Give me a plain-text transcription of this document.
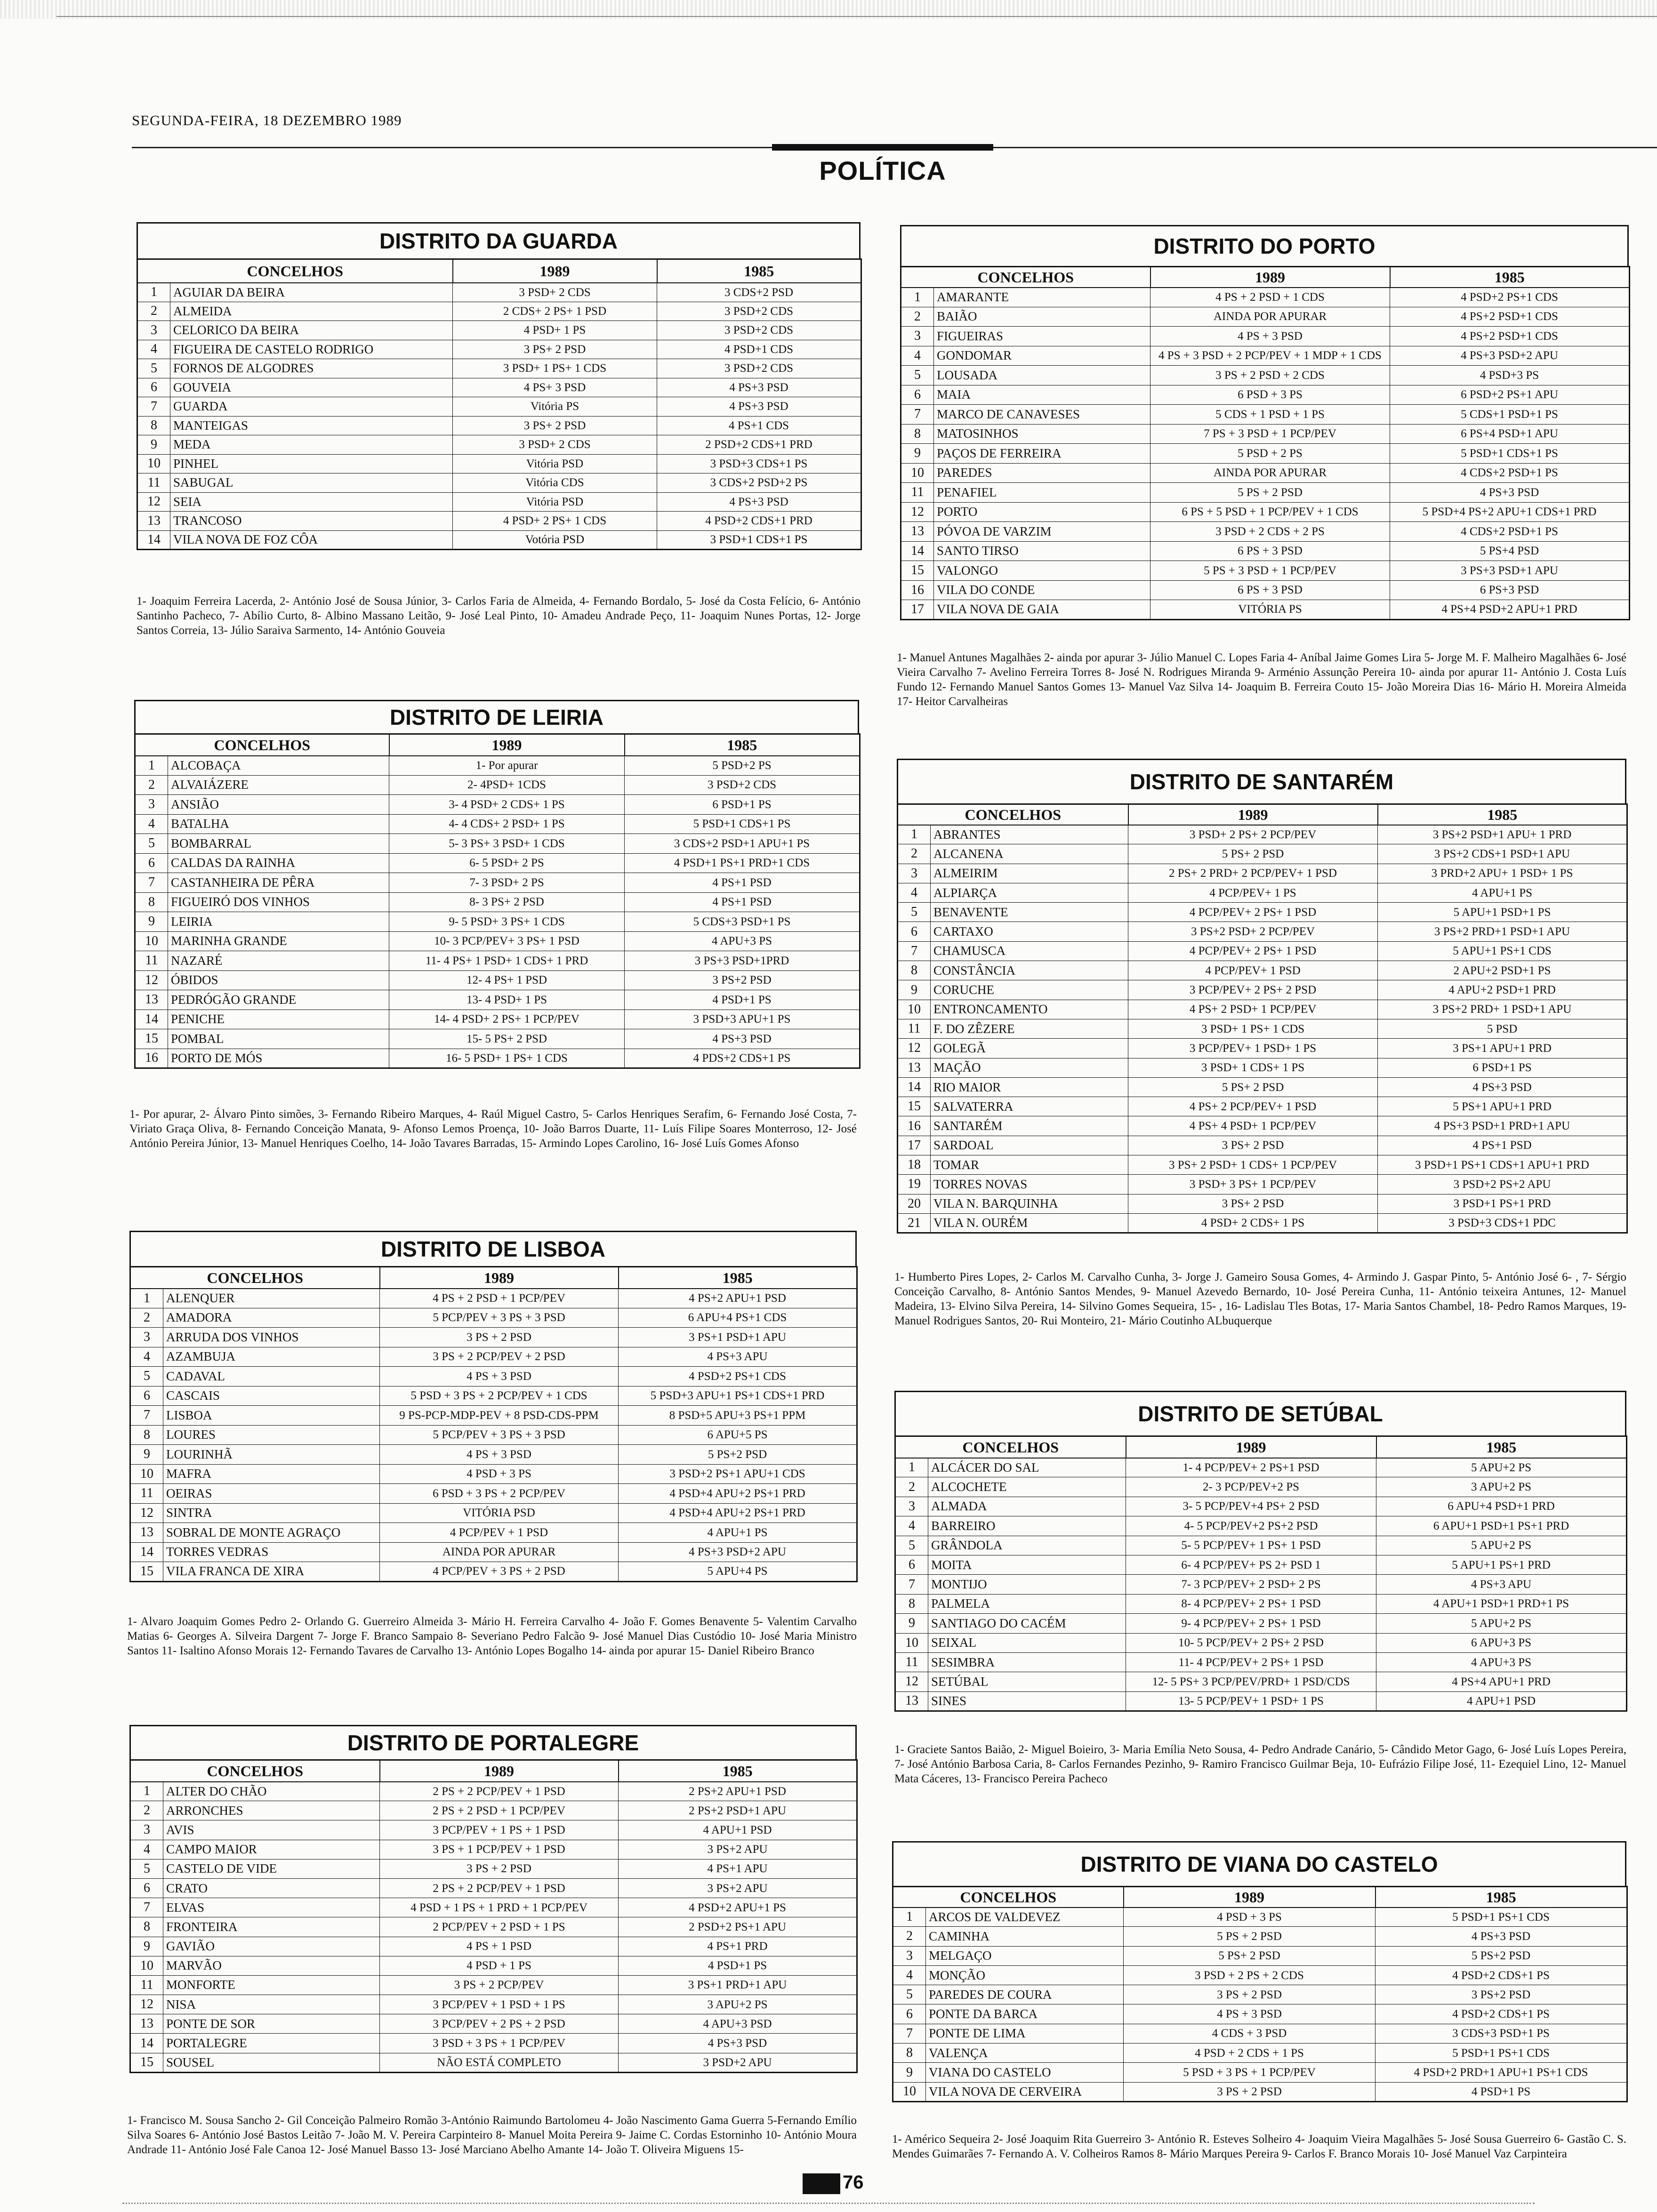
SEGUNDA-FEIRA, 18 DEZEMBRO 1989
POLÍTICA
DISTRITO DA GUARDA
CONCELHOS		1989	1985
1	AGUIAR DA BEIRA	3 PSD+ 2 CDS	3 CDS+2 PSD
2	ALMEIDA	2 CDS+ 2 PS+ 1 PSD	3 PSD+2 CDS
3	CELORICO DA BEIRA	4 PSD+ 1 PS	3 PSD+2 CDS
4	FIGUEIRA DE CASTELO RODRIGO	3 PS+ 2 PSD	4 PSD+1 CDS
5	FORNOS DE ALGODRES	3 PSD+ 1 PS+ 1 CDS	3 PSD+2 CDS
6	GOUVEIA	4 PS+ 3 PSD	4 PS+3 PSD
7	GUARDA	Vitória PS	4 PS+3 PSD
8	MANTEIGAS	3 PS+ 2 PSD	4 PS+1 CDS
9	MEDA	3 PSD+ 2 CDS	2 PSD+2 CDS+1 PRD
10	PINHEL	Vitória PSD	3 PSD+3 CDS+1 PS
11	SABUGAL	Vitória CDS	3 CDS+2 PSD+2 PS
12	SEIA	Vitória PSD	4 PS+3 PSD
13	TRANCOSO	4 PSD+ 2 PS+ 1 CDS	4 PSD+2 CDS+1 PRD
14	VILA NOVA DE FOZ CÔA	Votória PSD	3 PSD+1 CDS+1 PS
1- Joaquim Ferreira Lacerda, 2- António José de Sousa Júnior, 3- Carlos Faria de Almeida, 4- Fernando Bordalo, 5- José da Costa Felício, 6- António Santinho Pacheco, 7- Abílio Curto, 8- Albino Massano Leitão, 9- José Leal Pinto, 10- Amadeu Andrade Peço, 11- Joaquim Nunes Portas, 12- Jorge Santos Correia, 13- Júlio Saraiva Sarmento, 14- António Gouveia
DISTRITO DE LEIRIA
CONCELHOS		1989	1985
1	ALCOBAÇA	1- Por apurar	5 PSD+2 PS
2	ALVAIÁZERE	2- 4PSD+ 1CDS	3 PSD+2 CDS
3	ANSIÃO	3- 4 PSD+ 2 CDS+ 1 PS	6 PSD+1 PS
4	BATALHA	4- 4 CDS+ 2 PSD+ 1 PS	5 PSD+1 CDS+1 PS
5	BOMBARRAL	5- 3 PS+ 3 PSD+ 1 CDS	3 CDS+2 PSD+1 APU+1 PS
6	CALDAS DA RAINHA	6- 5 PSD+ 2 PS	4 PSD+1 PS+1 PRD+1 CDS
7	CASTANHEIRA DE PÊRA	7- 3 PSD+ 2 PS	4 PS+1 PSD
8	FIGUEIRÓ DOS VINHOS	8- 3 PS+ 2 PSD	4 PS+1 PSD
9	LEIRIA	9- 5 PSD+ 3 PS+ 1 CDS	5 CDS+3 PSD+1 PS
10	MARINHA GRANDE	10- 3 PCP/PEV+ 3 PS+ 1 PSD	4 APU+3 PS
11	NAZARÉ	11- 4 PS+ 1 PSD+ 1 CDS+ 1 PRD	3 PS+3 PSD+1PRD
12	ÓBIDOS	12- 4 PS+ 1 PSD	3 PS+2 PSD
13	PEDRÓGÃO GRANDE	13- 4 PSD+ 1 PS	4 PSD+1 PS
14	PENICHE	14- 4 PSD+ 2 PS+ 1 PCP/PEV	3 PSD+3 APU+1 PS
15	POMBAL	15- 5 PS+ 2 PSD	4 PS+3 PSD
16	PORTO DE MÓS	16- 5 PSD+ 1 PS+ 1 CDS	4 PDS+2 CDS+1 PS
1- Por apurar, 2- Álvaro Pinto simões, 3- Fernando Ribeiro Marques, 4- Raúl Miguel Castro, 5- Carlos Henriques Serafim, 6- Fernando José Costa, 7- Viriato Graça Oliva, 8- Fernando Conceição Manata, 9- Afonso Lemos Proença, 10- João Barros Duarte, 11- Luís Filipe Soares Monterroso, 12- José António Pereira Júnior, 13- Manuel Henriques Coelho, 14- João Tavares Barradas, 15- Armindo Lopes Carolino, 16- José Luís Gomes Afonso
DISTRITO DE LISBOA
CONCELHOS		1989	1985
1	ALENQUER	4 PS + 2 PSD + 1 PCP/PEV	4 PS+2 APU+1 PSD
2	AMADORA	5 PCP/PEV + 3 PS + 3 PSD	6 APU+4 PS+1 CDS
3	ARRUDA DOS VINHOS	3 PS + 2 PSD	3 PS+1 PSD+1 APU
4	AZAMBUJA	3 PS + 2 PCP/PEV + 2 PSD	4 PS+3 APU
5	CADAVAL	4 PS + 3 PSD	4 PSD+2 PS+1 CDS
6	CASCAIS	5 PSD + 3 PS + 2 PCP/PEV + 1 CDS	5 PSD+3 APU+1 PS+1 CDS+1 PRD
7	LISBOA	9 PS-PCP-MDP-PEV + 8 PSD-CDS-PPM	8 PSD+5 APU+3 PS+1 PPM
8	LOURES	5 PCP/PEV + 3 PS + 3 PSD	6 APU+5 PS
9	LOURINHÃ	4 PS + 3 PSD	5 PS+2 PSD
10	MAFRA	4 PSD + 3 PS	3 PSD+2 PS+1 APU+1 CDS
11	OEIRAS	6 PSD + 3 PS + 2 PCP/PEV	4 PSD+4 APU+2 PS+1 PRD
12	SINTRA	VITÓRIA PSD	4 PSD+4 APU+2 PS+1 PRD
13	SOBRAL DE MONTE AGRAÇO	4 PCP/PEV + 1 PSD	4 APU+1 PS
14	TORRES VEDRAS	AINDA POR APURAR	4 PS+3 PSD+2 APU
15	VILA FRANCA DE XIRA	4 PCP/PEV + 3 PS + 2 PSD	5 APU+4 PS
1- Alvaro Joaquim Gomes Pedro 2- Orlando G. Guerreiro Almeida 3- Mário H. Ferreira Carvalho 4- João F. Gomes Benavente 5- Valentim Carvalho Matias 6- Georges A. Silveira Dargent 7- Jorge F. Branco Sampaio 8- Severiano Pedro Falcão 9- José Manuel Dias Custódio 10- José Maria Ministro Santos 11- Isaltino Afonso Morais 12- Fernando Tavares de Carvalho 13- António Lopes Bogalho 14- ainda por apurar 15- Daniel Ribeiro Branco
DISTRITO DE PORTALEGRE
CONCELHOS		1989	1985
1	ALTER DO CHÃO	2 PS + 2 PCP/PEV + 1 PSD	2 PS+2 APU+1 PSD
2	ARRONCHES	2 PS + 2 PSD + 1 PCP/PEV	2 PS+2 PSD+1 APU
3	AVIS	3 PCP/PEV + 1 PS + 1 PSD	4 APU+1 PSD
4	CAMPO MAIOR	3 PS + 1 PCP/PEV + 1 PSD	3 PS+2 APU
5	CASTELO DE VIDE	3 PS + 2 PSD	4 PS+1 APU
6	CRATO	2 PS + 2 PCP/PEV + 1 PSD	3 PS+2 APU
7	ELVAS	4 PSD + 1 PS + 1 PRD + 1 PCP/PEV	4 PSD+2 APU+1 PS
8	FRONTEIRA	2 PCP/PEV + 2 PSD + 1 PS	2 PSD+2 PS+1 APU
9	GAVIÃO	4 PS + 1 PSD	4 PS+1 PRD
10	MARVÃO	4 PSD + 1 PS	4 PSD+1 PS
11	MONFORTE	3 PS + 2 PCP/PEV	3 PS+1 PRD+1 APU
12	NISA	3 PCP/PEV + 1 PSD + 1 PS	3 APU+2 PS
13	PONTE DE SOR	3 PCP/PEV + 2 PS + 2 PSD	4 APU+3 PSD
14	PORTALEGRE	3 PSD + 3 PS + 1 PCP/PEV	4 PS+3 PSD
15	SOUSEL	NÃO ESTÁ COMPLETO	3 PSD+2 APU
1- Francisco M. Sousa Sancho 2- Gil Conceição Palmeiro Romão 3-António Raimundo Bartolomeu 4- João Nascimento Gama Guerra 5-Fernando Emílio Silva Soares 6- António José Bastos Leitão 7- João M. V. Pereira Carpinteiro 8- Manuel Moita Pereira 9- Jaime C. Cordas Estorninho 10- António Moura Andrade 11- António José Fale Canoa 12- José Manuel Basso 13- José Marciano Abelho Amante 14- João T. Oliveira Miguens 15-
DISTRITO DO PORTO
CONCELHOS		1989	1985
1	AMARANTE	4 PS + 2 PSD + 1 CDS	4 PSD+2 PS+1 CDS
2	BAIÃO	AINDA POR APURAR	4 PS+2 PSD+1 CDS
3	FIGUEIRAS	4 PS + 3 PSD	4 PS+2 PSD+1 CDS
4	GONDOMAR	4 PS + 3 PSD + 2 PCP/PEV + 1 MDP + 1 CDS	4 PS+3 PSD+2 APU
5	LOUSADA	3 PS + 2 PSD + 2 CDS	4 PSD+3 PS
6	MAIA	6 PSD + 3 PS	6 PSD+2 PS+1 APU
7	MARCO DE CANAVESES	5 CDS + 1 PSD + 1 PS	5 CDS+1 PSD+1 PS
8	MATOSINHOS	7 PS + 3 PSD + 1 PCP/PEV	6 PS+4 PSD+1 APU
9	PAÇOS DE FERREIRA	5 PSD + 2 PS	5 PSD+1 CDS+1 PS
10	PAREDES	AINDA POR APURAR	4 CDS+2 PSD+1 PS
11	PENAFIEL	5 PS + 2 PSD	4 PS+3 PSD
12	PORTO	6 PS + 5 PSD + 1 PCP/PEV + 1 CDS	5 PSD+4 PS+2 APU+1 CDS+1 PRD
13	PÓVOA DE VARZIM	3 PSD + 2 CDS + 2 PS	4 CDS+2 PSD+1 PS
14	SANTO TIRSO	6 PS + 3 PSD	5 PS+4 PSD
15	VALONGO	5 PS + 3 PSD + 1 PCP/PEV	3 PS+3 PSD+1 APU
16	VILA DO CONDE	6 PS + 3 PSD	6 PS+3 PSD
17	VILA NOVA DE GAIA	VITÓRIA PS	4 PS+4 PSD+2 APU+1 PRD
1- Manuel Antunes Magalhães 2- ainda por apurar 3- Júlio Manuel C. Lopes Faria 4- Aníbal Jaime Gomes Lira 5- Jorge M. F. Malheiro Magalhães 6- José Vieira Carvalho 7- Avelino Ferreira Torres 8- José N. Rodrigues Miranda 9- Arménio Assunção Pereira 10- ainda por apurar 11- António J. Costa Luís Fundo 12- Fernando Manuel Santos Gomes 13- Manuel Vaz Silva 14- Joaquim B. Ferreira Couto 15- João Moreira Dias 16- Mário H. Moreira Almeida 17- Heitor Carvalheiras
DISTRITO DE SANTARÉM
CONCELHOS		1989	1985
1	ABRANTES	3 PSD+ 2 PS+ 2 PCP/PEV	3 PS+2 PSD+1 APU+ 1 PRD
2	ALCANENA	5 PS+ 2 PSD	3 PS+2 CDS+1 PSD+1 APU
3	ALMEIRIM	2 PS+ 2 PRD+ 2 PCP/PEV+ 1 PSD	3 PRD+2 APU+ 1 PSD+ 1 PS
4	ALPIARÇA	4 PCP/PEV+ 1 PS	4 APU+1 PS
5	BENAVENTE	4 PCP/PEV+ 2 PS+ 1 PSD	5 APU+1 PSD+1 PS
6	CARTAXO	3 PS+2 PSD+ 2 PCP/PEV	3 PS+2 PRD+1 PSD+1 APU
7	CHAMUSCA	4 PCP/PEV+ 2 PS+ 1 PSD	5 APU+1 PS+1 CDS
8	CONSTÂNCIA	4 PCP/PEV+ 1 PSD	2 APU+2 PSD+1 PS
9	CORUCHE	3 PCP/PEV+ 2 PS+ 2 PSD	4 APU+2 PSD+1 PRD
10	ENTRONCAMENTO	4 PS+ 2 PSD+ 1 PCP/PEV	3 PS+2 PRD+ 1 PSD+1 APU
11	F. DO ZÊZERE	3 PSD+ 1 PS+ 1 CDS	5 PSD
12	GOLEGÃ	3 PCP/PEV+ 1 PSD+ 1 PS	3 PS+1 APU+1 PRD
13	MAÇÃO	3 PSD+ 1 CDS+ 1 PS	6 PSD+1 PS
14	RIO MAIOR	5 PS+ 2 PSD	4 PS+3 PSD
15	SALVATERRA	4 PS+ 2 PCP/PEV+ 1 PSD	5 PS+1 APU+1 PRD
16	SANTARÉM	4 PS+ 4 PSD+ 1 PCP/PEV	4 PS+3 PSD+1 PRD+1 APU
17	SARDOAL	3 PS+ 2 PSD	4 PS+1 PSD
18	TOMAR	3 PS+ 2 PSD+ 1 CDS+ 1 PCP/PEV	3 PSD+1 PS+1 CDS+1 APU+1 PRD
19	TORRES NOVAS	3 PSD+ 3 PS+ 1 PCP/PEV	3 PSD+2 PS+2 APU
20	VILA N. BARQUINHA	3 PS+ 2 PSD	3 PSD+1 PS+1 PRD
21	VILA N. OURÉM	4 PSD+ 2 CDS+ 1 PS	3 PSD+3 CDS+1 PDC
1- Humberto Pires Lopes, 2- Carlos M. Carvalho Cunha, 3- Jorge J. Gameiro Sousa Gomes, 4- Armindo J. Gaspar Pinto, 5- António José 6- , 7- Sérgio Conceição Carvalho, 8- António Santos Mendes, 9- Manuel Azevedo Bernardo, 10- José Pereira Cunha, 11- António teixeira Antunes, 12- Manuel Madeira, 13- Elvino Silva Pereira, 14- Silvino Gomes Sequeira, 15- , 16- Ladislau Tles Botas, 17- Maria Santos Chambel, 18- Pedro Ramos Marques, 19- Manuel Rodrigues Santos, 20- Rui Monteiro, 21- Mário Coutinho ALbuquerque
DISTRITO DE SETÚBAL
CONCELHOS		1989	1985
1	ALCÁCER DO SAL	1- 4 PCP/PEV+ 2 PS+1 PSD	5 APU+2 PS
2	ALCOCHETE	2- 3 PCP/PEV+2 PS	3 APU+2 PS
3	ALMADA	3- 5 PCP/PEV+4 PS+ 2 PSD	6 APU+4 PSD+1 PRD
4	BARREIRO	4- 5 PCP/PEV+2 PS+2 PSD	6 APU+1 PSD+1 PS+1 PRD
5	GRÂNDOLA	5- 5 PCP/PEV+ 1 PS+ 1 PSD	5 APU+2 PS
6	MOITA	6- 4 PCP/PEV+ PS 2+ PSD 1	5 APU+1 PS+1 PRD
7	MONTIJO	7- 3 PCP/PEV+ 2 PSD+ 2 PS	4 PS+3 APU
8	PALMELA	8- 4 PCP/PEV+ 2 PS+ 1 PSD	4 APU+1 PSD+1 PRD+1 PS
9	SANTIAGO DO CACÉM	9- 4 PCP/PEV+ 2 PS+ 1 PSD	5 APU+2 PS
10	SEIXAL	10- 5 PCP/PEV+ 2 PS+ 2 PSD	6 APU+3 PS
11	SESIMBRA	11- 4 PCP/PEV+ 2 PS+ 1 PSD	4 APU+3 PS
12	SETÚBAL	12- 5 PS+ 3 PCP/PEV/PRD+ 1 PSD/CDS	4 PS+4 APU+1 PRD
13	SINES	13- 5 PCP/PEV+ 1 PSD+ 1 PS	4 APU+1 PSD
1- Graciete Santos Baião, 2- Miguel Boieiro, 3- Maria Emília Neto Sousa, 4- Pedro Andrade Canário, 5- Cândido Metor Gago, 6- José Luís Lopes Pereira, 7- José António Barbosa Caria, 8- Carlos Fernandes Pezinho, 9- Ramiro Francisco Guilmar Beja, 10- Eufrázio Filipe José, 11- Ezequiel Lino, 12- Manuel Mata Cáceres, 13- Francisco Pereira Pacheco
DISTRITO DE VIANA DO CASTELO
CONCELHOS		1989	1985
1	ARCOS DE VALDEVEZ	4 PSD + 3 PS	5 PSD+1 PS+1 CDS
2	CAMINHA	5 PS + 2 PSD	4 PS+3 PSD
3	MELGAÇO	5 PS+ 2 PSD	5 PS+2 PSD
4	MONÇÃO	3 PSD + 2 PS + 2 CDS	4 PSD+2 CDS+1 PS
5	PAREDES DE COURA	3 PS + 2 PSD	3 PS+2 PSD
6	PONTE DA BARCA	4 PS + 3 PSD	4 PSD+2 CDS+1 PS
7	PONTE DE LIMA	4 CDS + 3 PSD	3 CDS+3 PSD+1 PS
8	VALENÇA	4 PSD + 2 CDS + 1 PS	5 PSD+1 PS+1 CDS
9	VIANA DO CASTELO	5 PSD + 3 PS + 1 PCP/PEV	4 PSD+2 PRD+1 APU+1 PS+1 CDS
10	VILA NOVA DE CERVEIRA	3 PS + 2 PSD	4 PSD+1 PS
1- Américo Sequeira 2- José Joaquim Rita Guerreiro 3- António R. Esteves Solheiro 4- Joaquim Vieira Magalhães 5- José Sousa Guerreiro 6- Gastão C. S. Mendes Guimarães 7- Fernando A. V. Colheiros Ramos 8- Mário Marques Pereira 9- Carlos F. Branco Morais 10- José Manuel Vaz Carpinteira
76
